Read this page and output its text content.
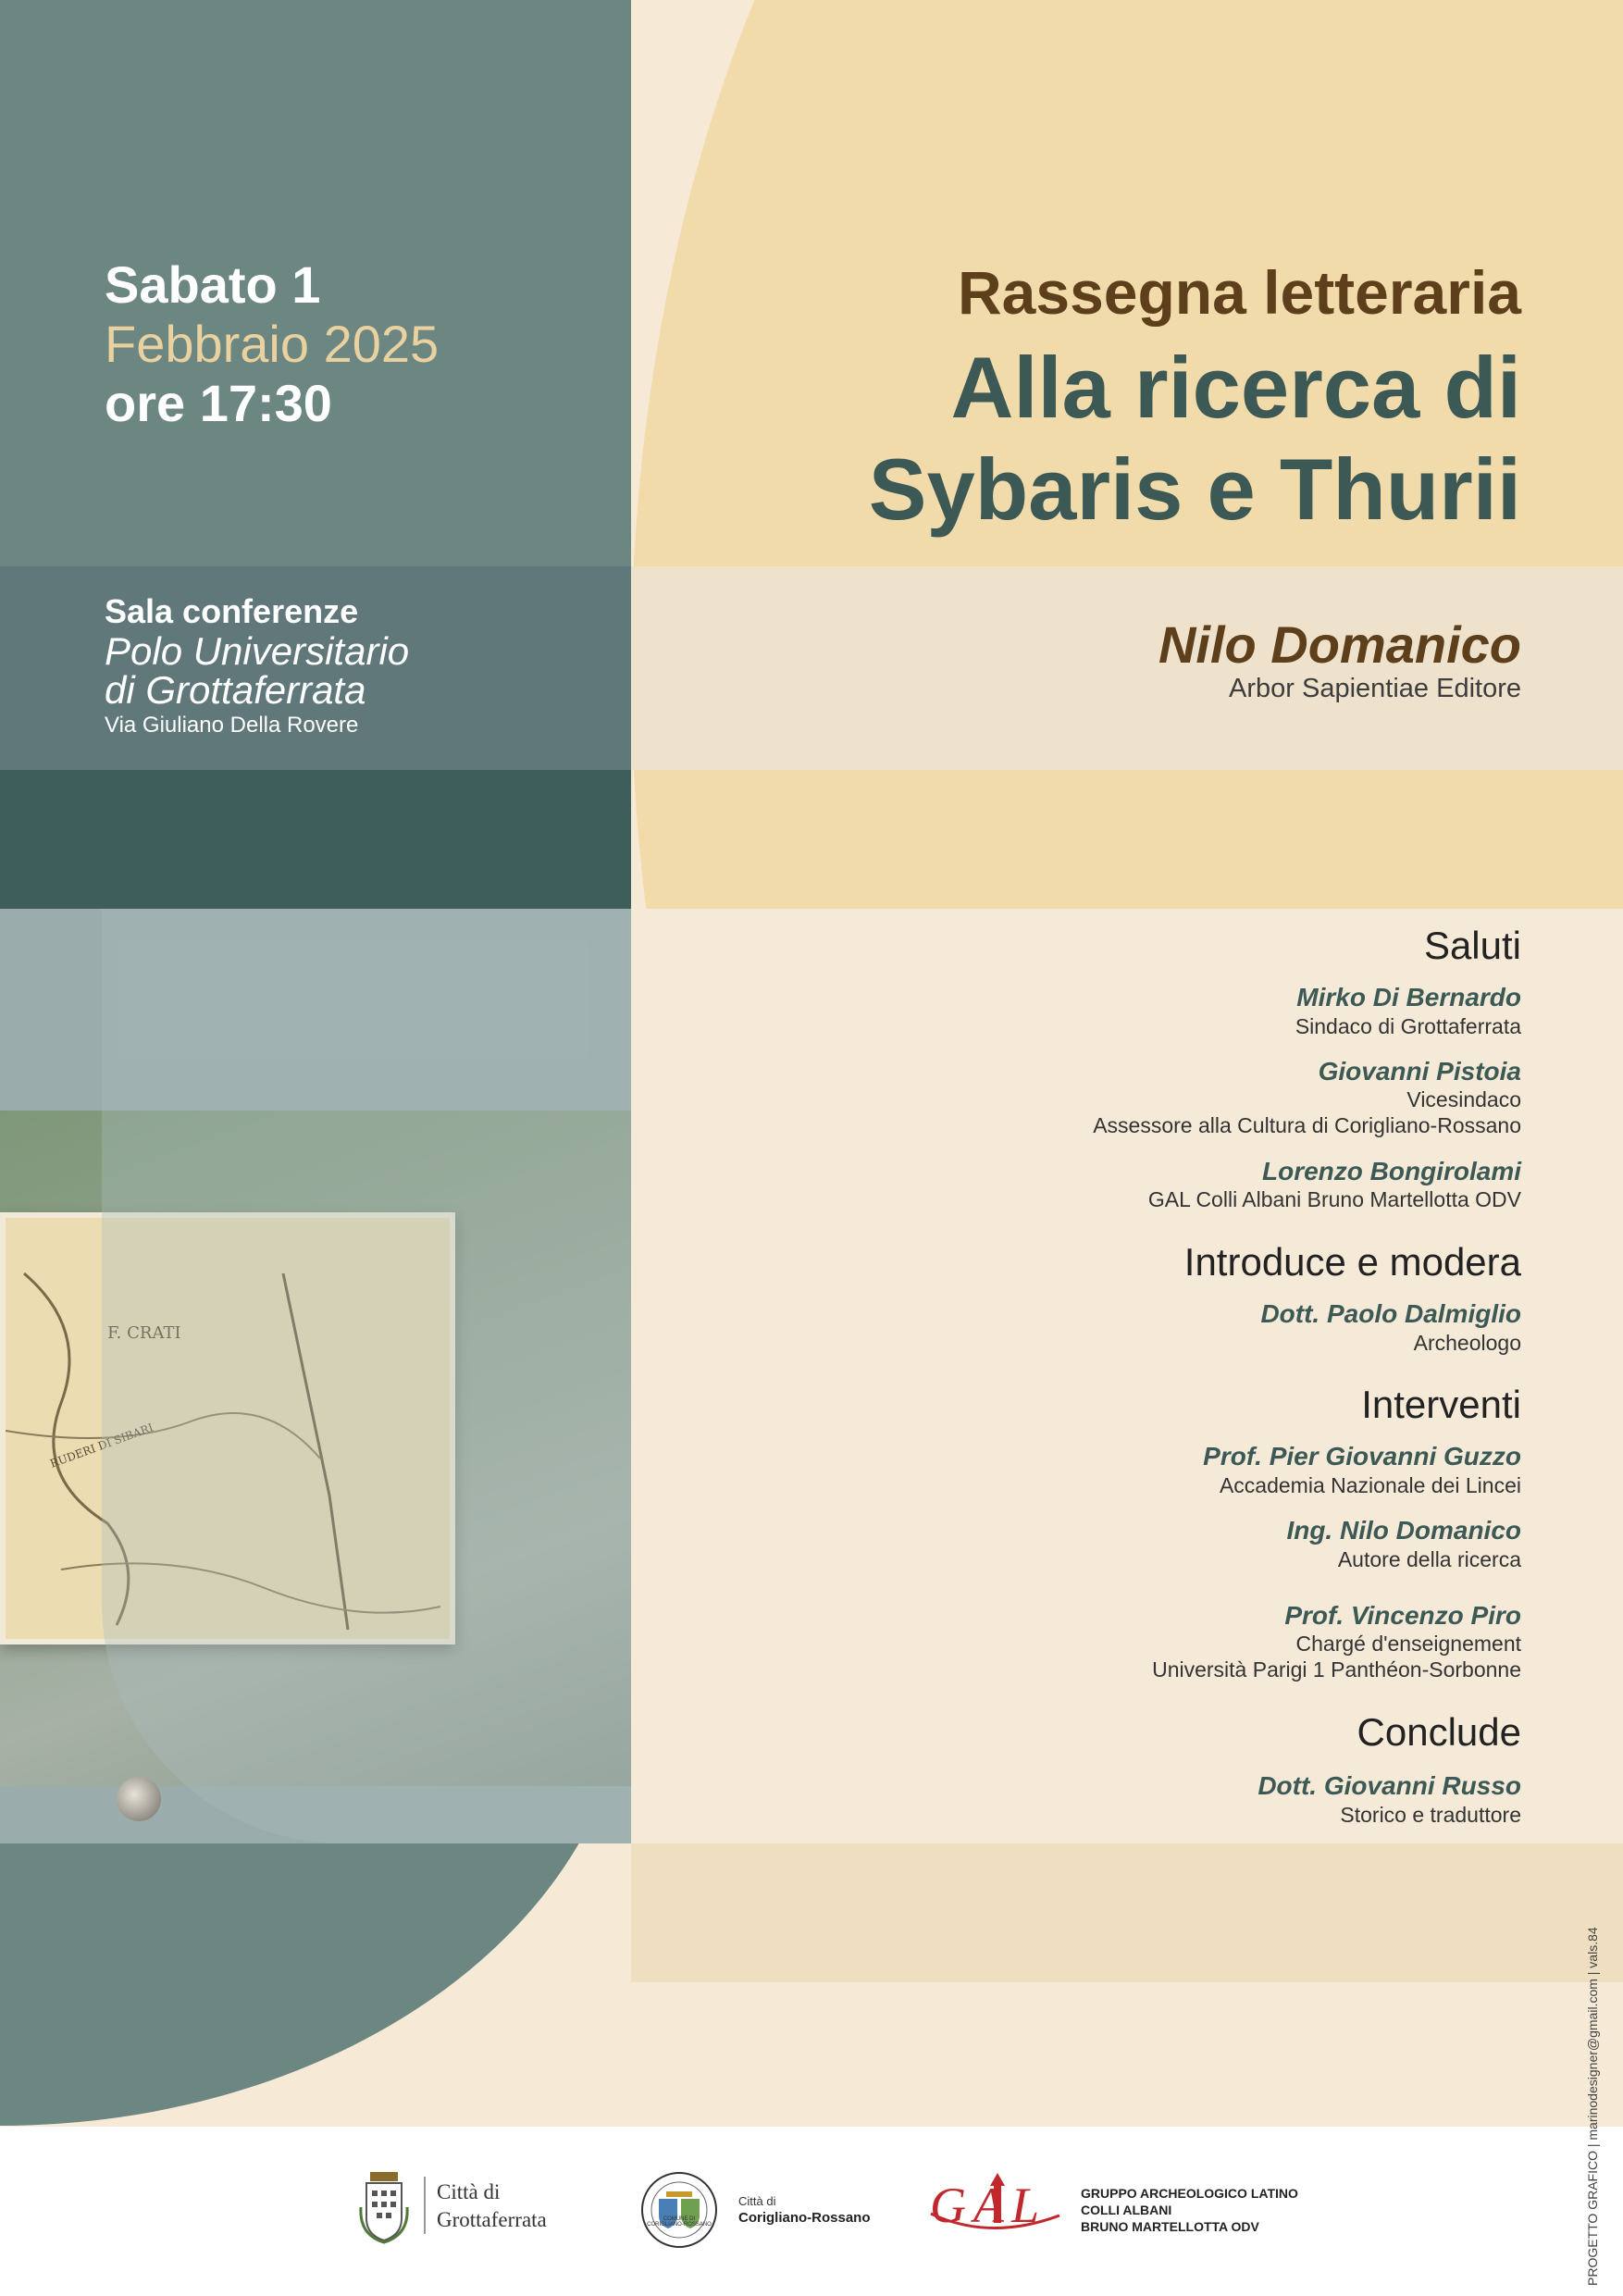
F. CRATI
RUDERI DI SIBARI
Sabato 1
Febbraio 2025
ore 17:30
Sala conferenze
Polo Universitario
di Grottaferrata
Via Giuliano Della Rovere
Rassegna letteraria
Alla ricerca di
Sybaris e Thurii
Nilo Domanico
Arbor Sapientiae Editore
Saluti
Mirko Di Bernardo
Sindaco di Grottaferrata
Giovanni Pistoia
Vicesindaco
Assessore alla Cultura di Corigliano-Rossano
Lorenzo Bongirolami
GAL Colli Albani Bruno Martellotta ODV
Introduce e modera
Dott. Paolo Dalmiglio
Archeologo
Interventi
Prof. Pier Giovanni Guzzo
Accademia Nazionale dei Lincei
Ing. Nilo Domanico
Autore della ricerca
Prof. Vincenzo Piro
Chargé d'enseignement
Università Parigi 1 Panthéon-Sorbonne
Conclude
Dott. Giovanni Russo
Storico e traduttore
PROGETTO GRAFICO | marinodesigner@gmail.com | vals.84
Città di
Grottaferrata	COMUNE DI CORIGLIANO-ROSSANO
Città di
Corigliano-Rossano GAL	GRUPPO ARCHEOLOGICO LATINO
COLLI ALBANI
BRUNO MARTELLOTTA ODV
